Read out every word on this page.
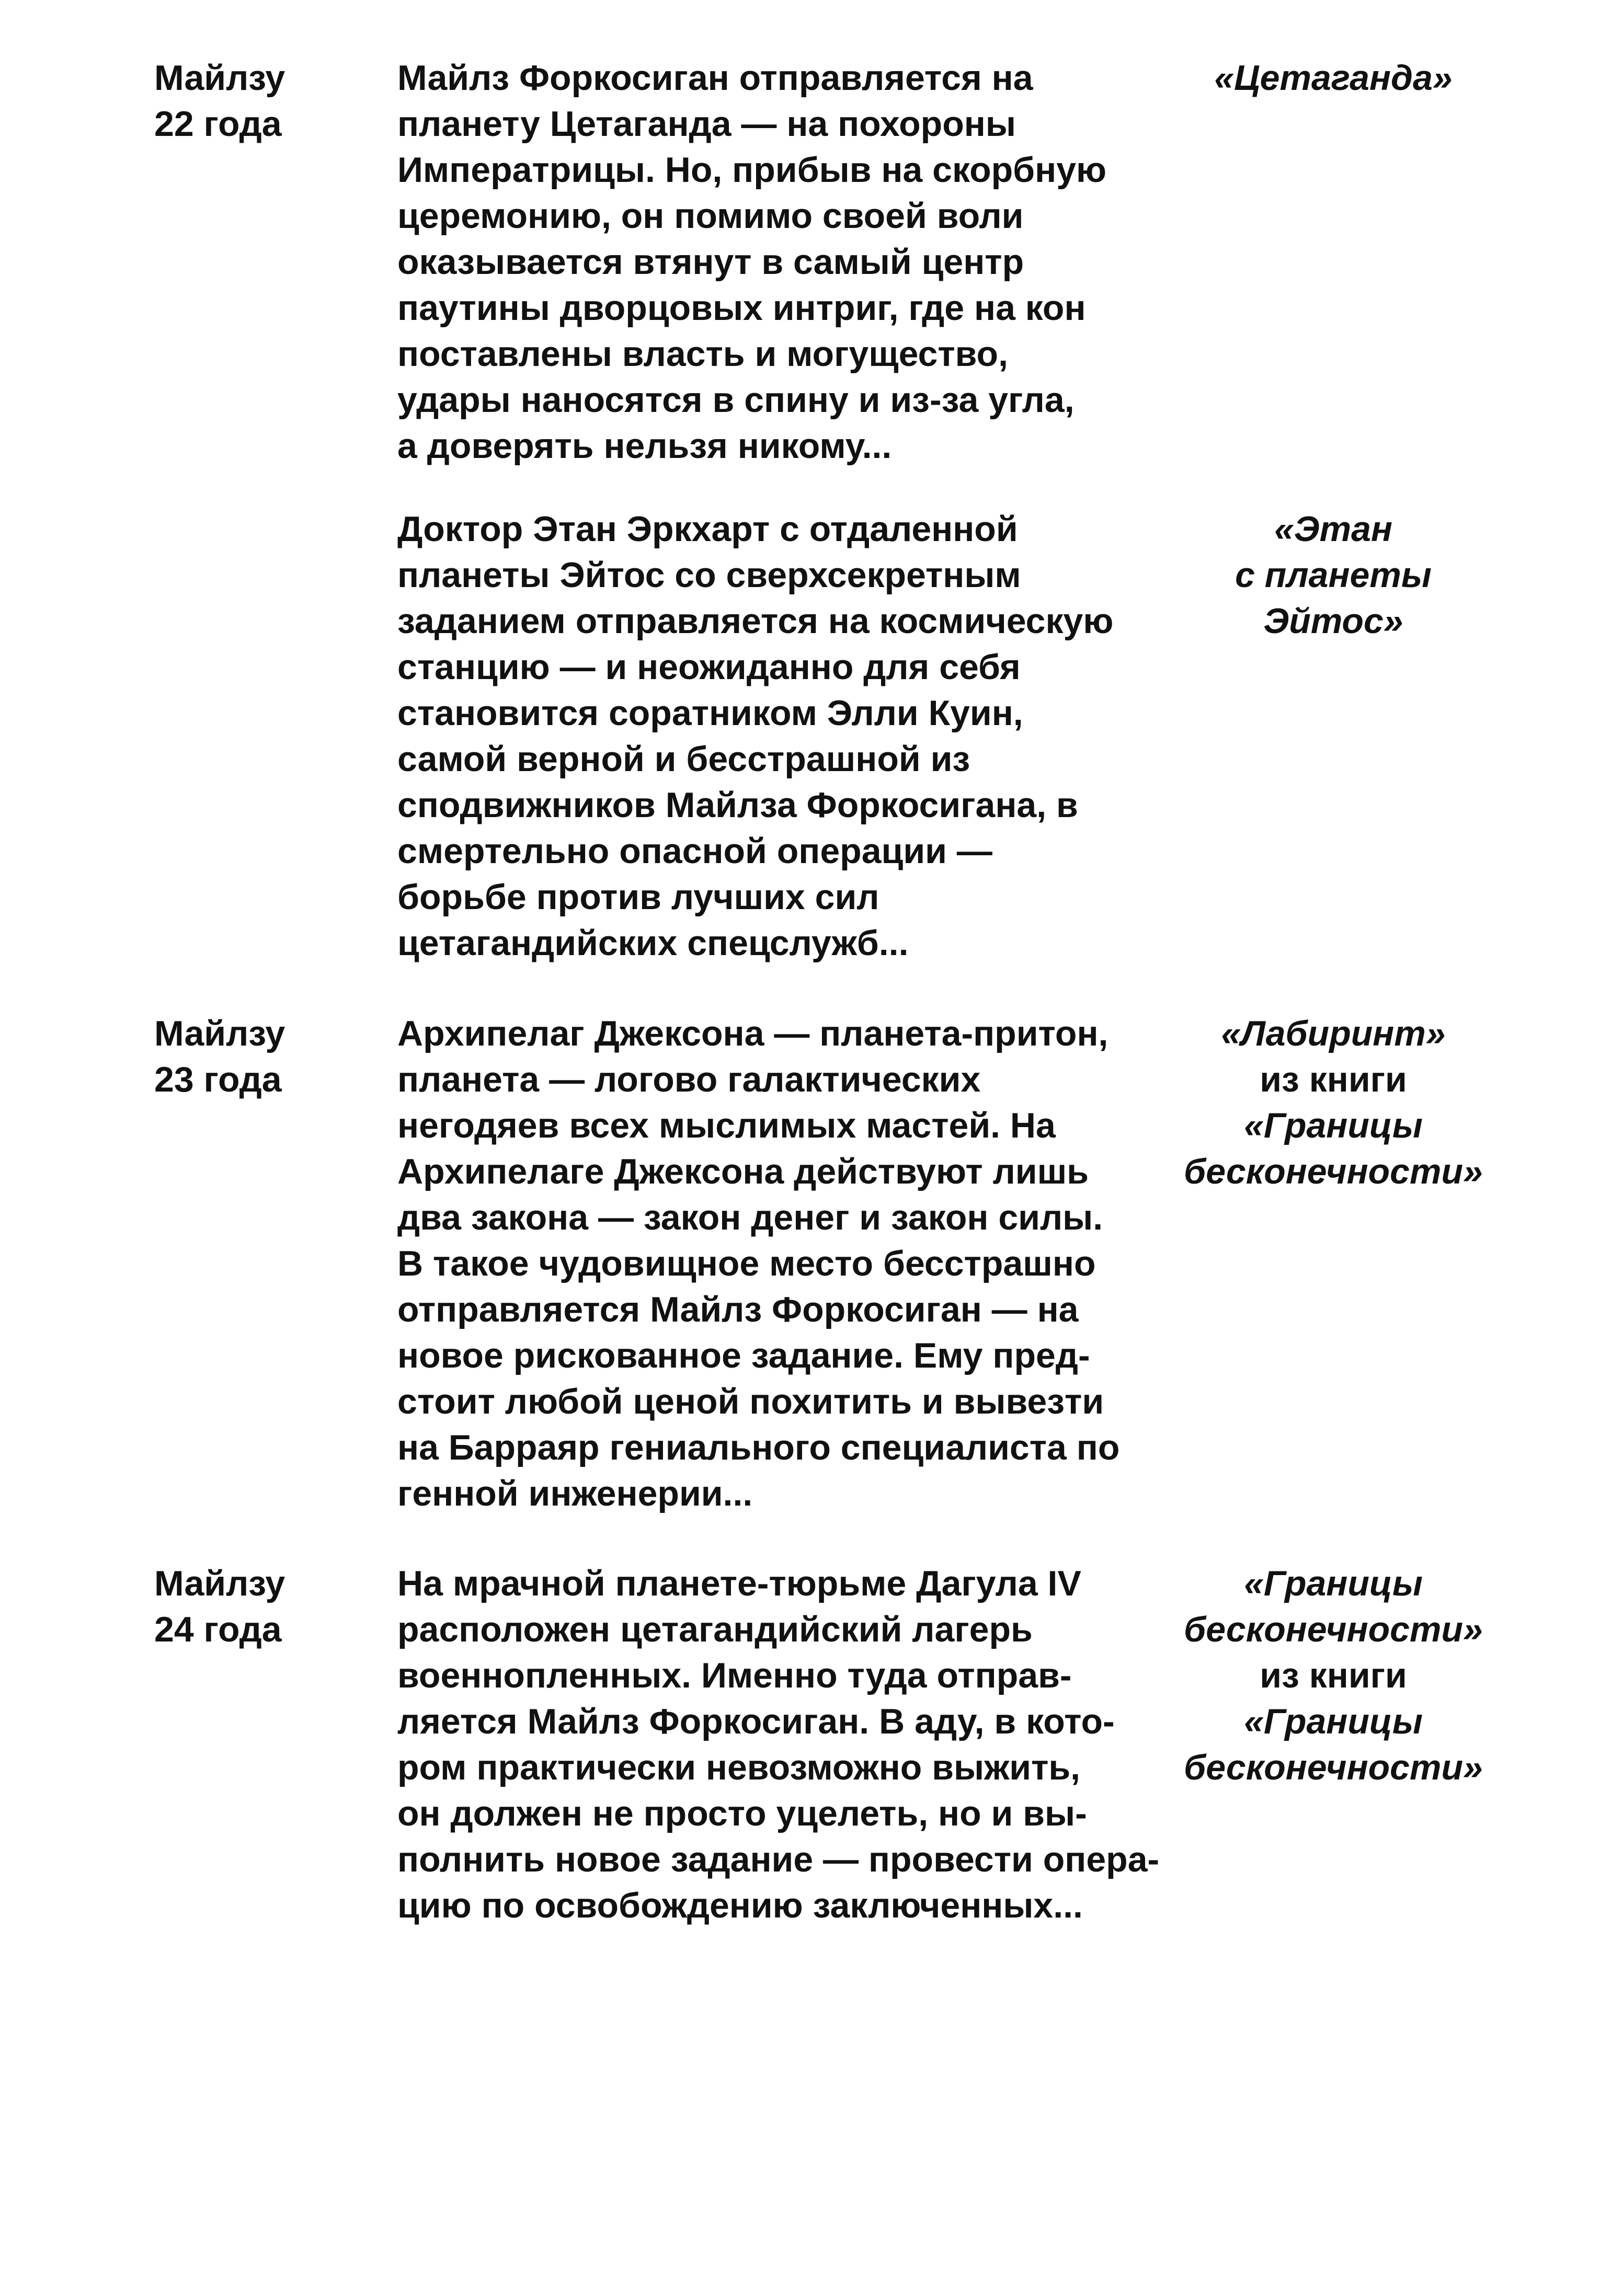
Майлзу
22 года
Майлз Форкосиган отправляется на
планету Цетаганда — на похороны
Императрицы. Но, прибыв на скорбную
церемонию, он помимо своей воли
оказывается втянут в самый центр
паутины дворцовых интриг, где на кон
поставлены власть и могущество,
удары наносятся в спину и из-за угла,
а доверять нельзя никому...
«Цетаганда»
Доктор Этан Эркхарт с отдаленной
планеты Эйтос со сверхсекретным
заданием отправляется на космическую
станцию — и неожиданно для себя
становится соратником Элли Куин,
самой верной и бесстрашной из
сподвижников Майлза Форкосигана, в
смертельно опасной операции —
борьбе против лучших сил
цетагандийских спецслужб...
«Этан
с планеты
Эйтос»
Майлзу
23 года
Архипелаг Джексона — планета-притон,
планета — логово галактических
негодяев всех мыслимых мастей. На
Архипелаге Джексона действуют лишь
два закона — закон денег и закон силы.
В такое чудовищное место бесстрашно
отправляется Майлз Форкосиган — на
новое рискованное задание. Ему пред-
стоит любой ценой похитить и вывезти
на Барраяр гениального специалиста по
генной инженерии...
«Лабиринт»
из книги
«Границы
бесконечности»
Майлзу
24 года
На мрачной планете-тюрьме Дагула IV
расположен цетагандийский лагерь
военнопленных. Именно туда отправ-
ляется Майлз Форкосиган. В аду, в кото-
ром практически невозможно выжить,
он должен не просто уцелеть, но и вы-
полнить новое задание — провести опера-
цию по освобождению заключенных...
«Границы
бесконечности»
из книги
«Границы
бесконечности»
